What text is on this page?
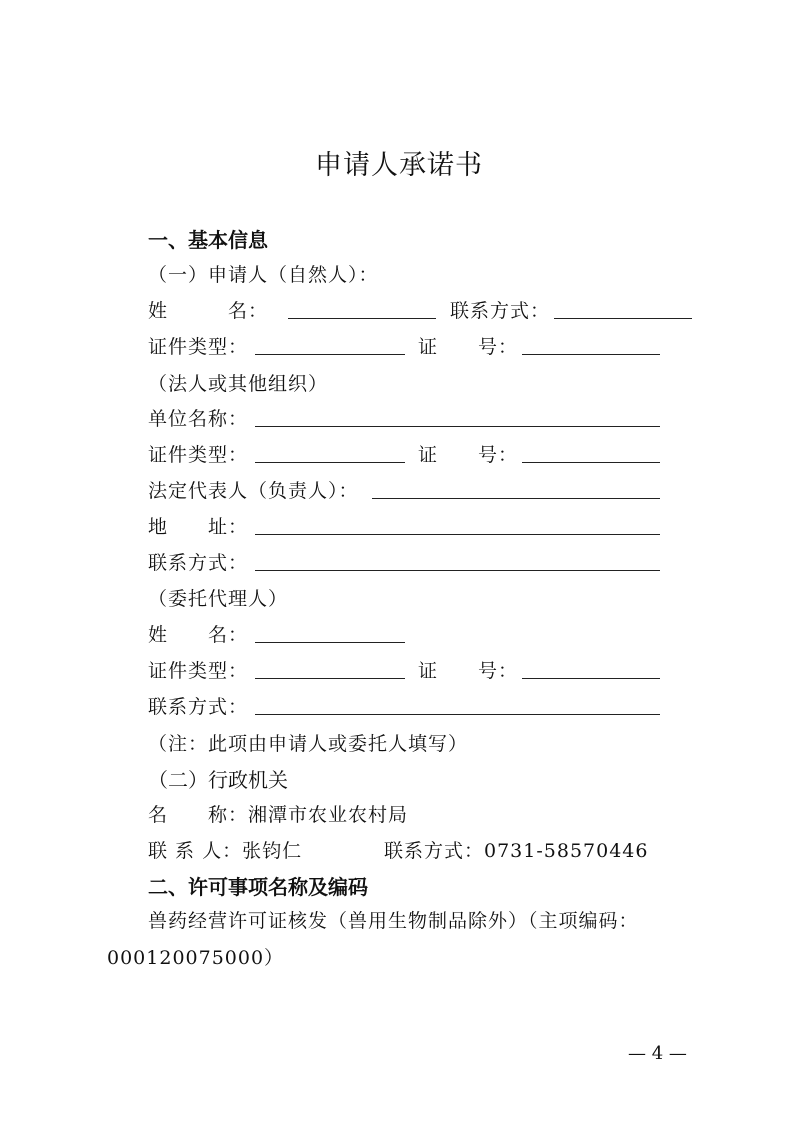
申请人承诺书
一、基本信息
（一）申请人（自然人）：
姓　　　名：	联系方式：
证件类型：	证　　号：
（法人或其他组织）
单位名称：
证件类型：	证　　号：
法定代表人（负责人）：
地　　址：
联系方式：
（委托代理人）
姓　　名：
证件类型：	证　　号：
联系方式：
（注：此项由申请人或委托人填写）
（二）行政机关
名　　称：湘潭市农业农村局
联 系 人：张钧仁	联系方式：0731-58570446
二、许可事项名称及编码
兽药经营许可证核发（兽用生物制品除外）（主项编码：
000120075000）
— 4 —
